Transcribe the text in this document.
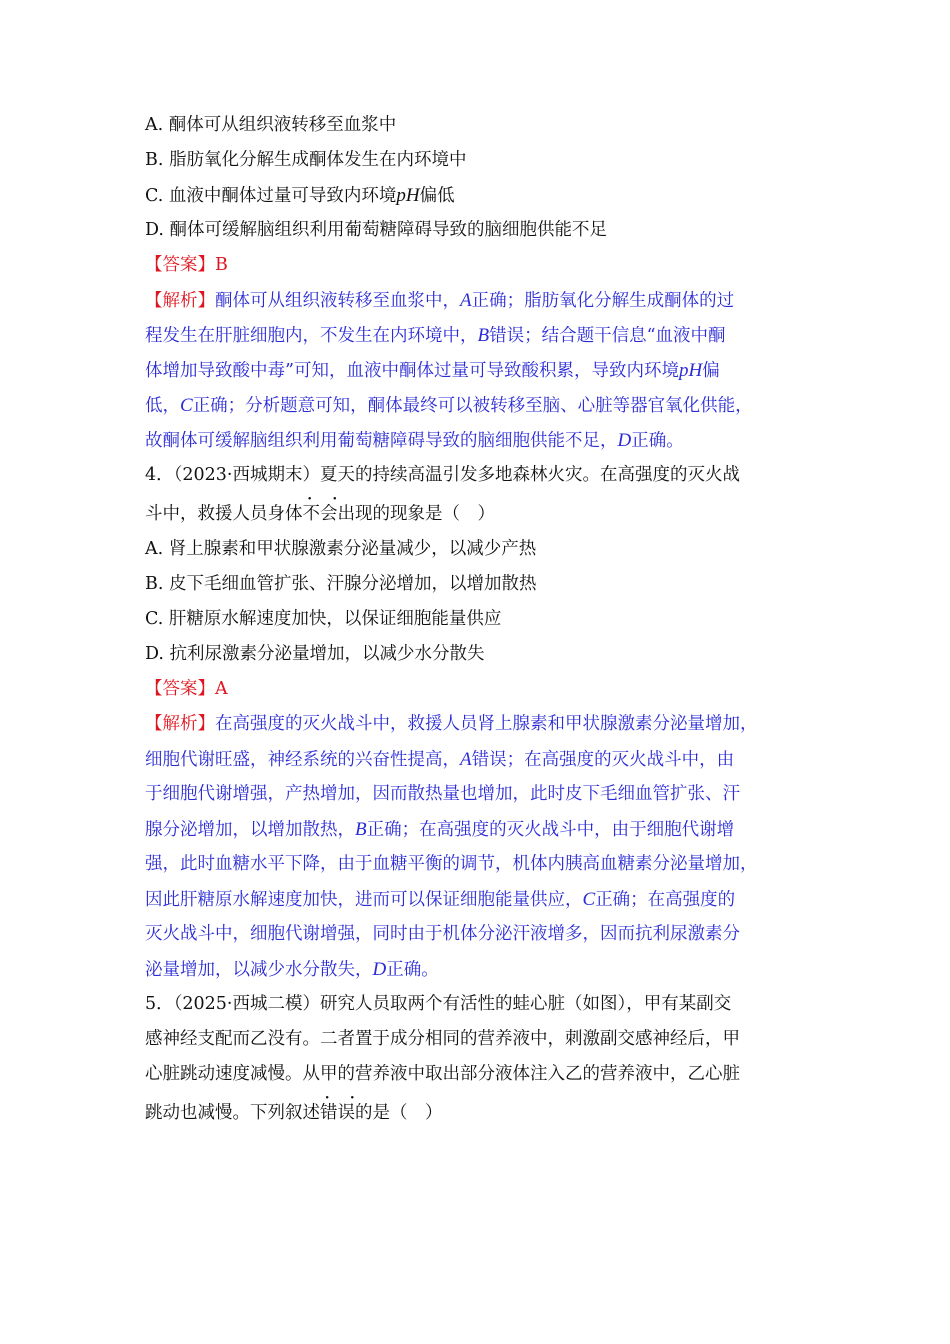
A. 酮体可从组织液转移至血浆中
B. 脂肪氧化分解生成酮体发生在内环境中
C. 血液中酮体过量可导致内环境pH偏低
D. 酮体可缓解脑组织利用葡萄糖障碍导致的脑细胞供能不足
【答案】B
【解析】酮体可从组织液转移至血浆中，A正确；脂肪氧化分解生成酮体的过
程发生在肝脏细胞内，不发生在内环境中，B错误；结合题干信息“血液中酮
体增加导致酸中毒”可知，血液中酮体过量可导致酸积累，导致内环境pH偏
低，C正确；分析题意可知，酮体最终可以被转移至脑、心脏等器官氧化供能，
故酮体可缓解脑组织利用葡萄糖障碍导致的脑细胞供能不足，D正确。
4．（2023·西城期末）夏天的持续高温引发多地森林火灾。在高强度的灭火战
斗中，救援人员身体·  · 不会出现的现象是（　）
A. 肾上腺素和甲状腺激素分泌量减少，以减少产热
B. 皮下毛细血管扩张、汗腺分泌增加，以增加散热
C. 肝糖原水解速度加快，以保证细胞能量供应
D. 抗利尿激素分泌量增加，以减少水分散失
【答案】A
【解析】在高强度的灭火战斗中，救援人员肾上腺素和甲状腺激素分泌量增加，
细胞代谢旺盛，神经系统的兴奋性提高，A错误；在高强度的灭火战斗中，由
于细胞代谢增强，产热增加，因而散热量也增加，此时皮下毛细血管扩张、汗
腺分泌增加，以增加散热，B正确；在高强度的灭火战斗中，由于细胞代谢增
强，此时血糖水平下降，由于血糖平衡的调节，机体内胰高血糖素分泌量增加，
因此肝糖原水解速度加快，进而可以保证细胞能量供应，C正确；在高强度的
灭火战斗中，细胞代谢增强，同时由于机体分泌汗液增多，因而抗利尿激素分
泌量增加，以减少水分散失，D正确。
5．（2025·西城二模）研究人员取两个有活性的蛙心脏（如图），甲有某副交
感神经支配而乙没有。二者置于成分相同的营养液中，刺激副交感神经后，甲
心脏跳动速度减慢。从甲的营养液中取出部分液体注入乙的营养液中，乙心脏
跳动也减慢。下列叙述·  · 错误的是（　）
